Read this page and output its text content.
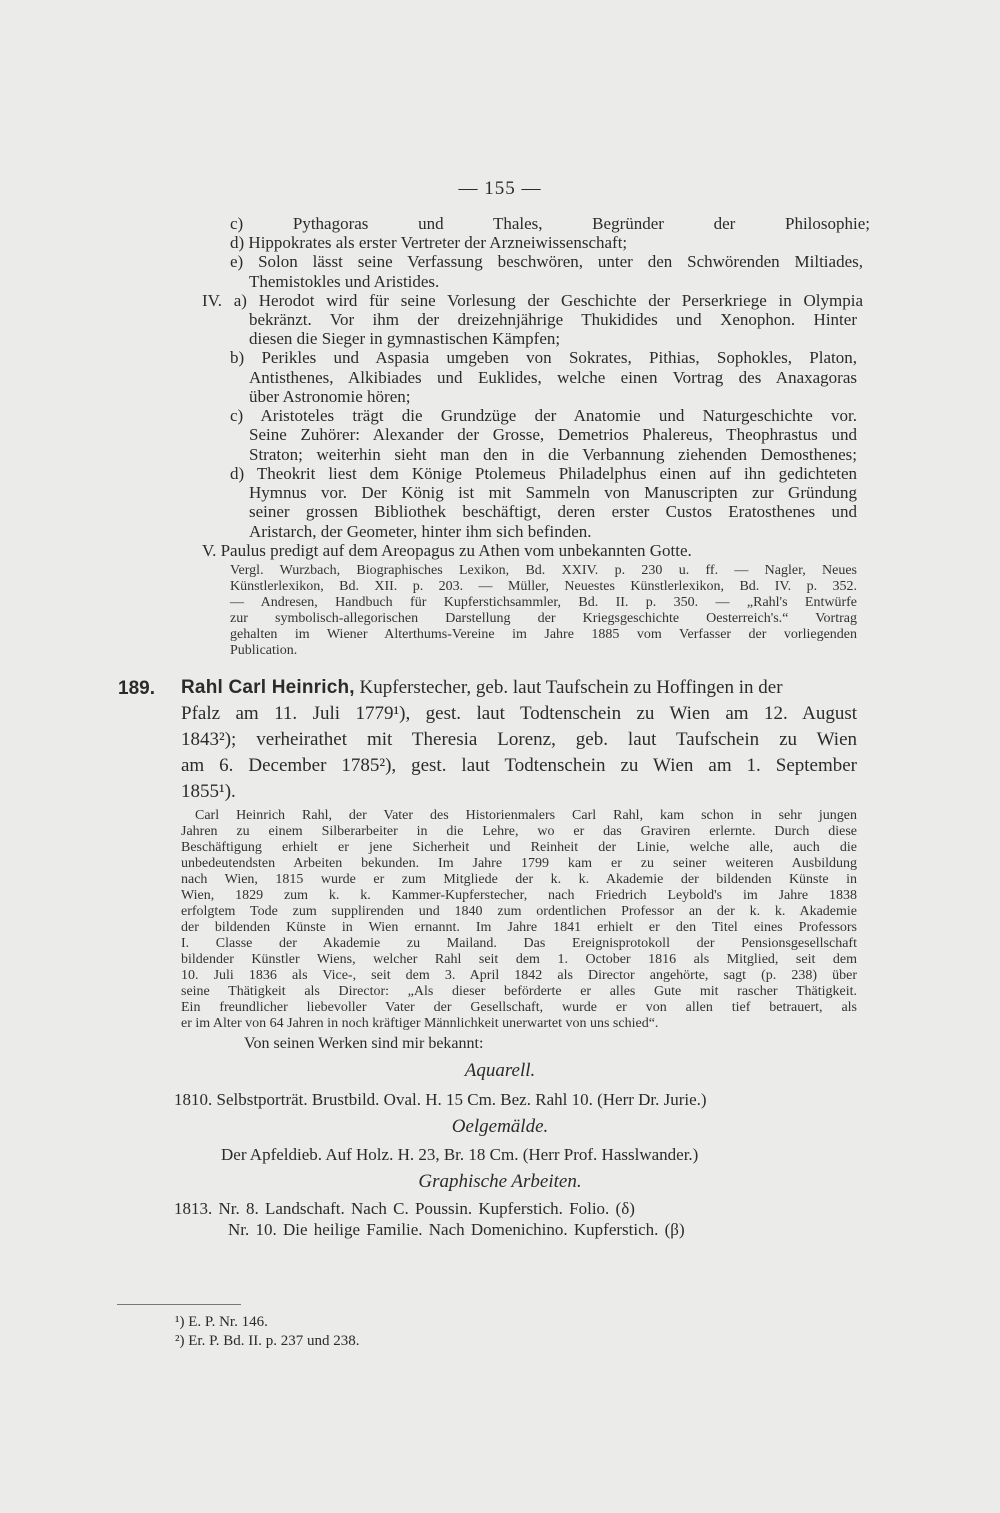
— 155 —
c) Pythagoras und Thales, Begründer der Philosophie;
d) Hippokrates als erster Vertreter der Arzneiwissenschaft;
e) Solon lässt seine Verfassung beschwören, unter den Schwörenden Miltiades,
Themistokles und Aristides.
IV. a) Herodot wird für seine Vorlesung der Geschichte der Perserkriege in Olympia
bekränzt. Vor ihm der dreizehnjährige Thukidides und Xenophon. Hinter
diesen die Sieger in gymnastischen Kämpfen;
b) Perikles und Aspasia umgeben von Sokrates, Pithias, Sophokles, Platon,
Antisthenes, Alkibiades und Euklides, welche einen Vortrag des Anaxagoras
über Astronomie hören;
c) Aristoteles trägt die Grundzüge der Anatomie und Naturgeschichte vor.
Seine Zuhörer: Alexander der Grosse, Demetrios Phalereus, Theophrastus und
Straton; weiterhin sieht man den in die Verbannung ziehenden Demosthenes;
d) Theokrit liest dem Könige Ptolemeus Philadelphus einen auf ihn gedichteten
Hymnus vor. Der König ist mit Sammeln von Manuscripten zur Gründung
seiner grossen Bibliothek beschäftigt, deren erster Custos Eratosthenes und
Aristarch, der Geometer, hinter ihm sich befinden.
V. Paulus predigt auf dem Areopagus zu Athen vom unbekannten Gotte.
Vergl. Wurzbach, Biographisches Lexikon, Bd. XXIV. p. 230 u. ff. — Nagler, Neues
Künstlerlexikon, Bd. XII. p. 203. — Müller, Neuestes Künstlerlexikon, Bd. IV. p. 352.
— Andresen, Handbuch für Kupferstichsammler, Bd. II. p. 350. — „Rahl's Entwürfe
zur symbolisch-allegorischen Darstellung der Kriegsgeschichte Oesterreich's.“ Vortrag
gehalten im Wiener Alterthums-Vereine im Jahre 1885 vom Verfasser der vorliegenden
Publication.
189. Rahl Carl Heinrich, Kupferstecher, geb. laut Taufschein zu Hoffingen in der
Pfalz am 11. Juli 1779¹), gest. laut Todtenschein zu Wien am 12. August
1843²); verheirathet mit Theresia Lorenz, geb. laut Taufschein zu Wien
am 6. December 1785²), gest. laut Todtenschein zu Wien am 1. September
1855¹).
Carl Heinrich Rahl, der Vater des Historienmalers Carl Rahl, kam schon in sehr jungen
Jahren zu einem Silberarbeiter in die Lehre, wo er das Graviren erlernte. Durch diese
Beschäftigung erhielt er jene Sicherheit und Reinheit der Linie, welche alle, auch die
unbedeutendsten Arbeiten bekunden. Im Jahre 1799 kam er zu seiner weiteren Ausbildung
nach Wien, 1815 wurde er zum Mitgliede der k. k. Akademie der bildenden Künste in
Wien, 1829 zum k. k. Kammer-Kupferstecher, nach Friedrich Leybold's im Jahre 1838
erfolgtem Tode zum supplirenden und 1840 zum ordentlichen Professor an der k. k. Akademie
der bildenden Künste in Wien ernannt. Im Jahre 1841 erhielt er den Titel eines Professors
I. Classe der Akademie zu Mailand. Das Ereignisprotokoll der Pensionsgesellschaft
bildender Künstler Wiens, welcher Rahl seit dem 1. October 1816 als Mitglied, seit dem
10. Juli 1836 als Vice-, seit dem 3. April 1842 als Director angehörte, sagt (p. 238) über
seine Thätigkeit als Director: „Als dieser beförderte er alles Gute mit rascher Thätigkeit.
Ein freundlicher liebevoller Vater der Gesellschaft, wurde er von allen tief betrauert, als
er im Alter von 64 Jahren in noch kräftiger Männlichkeit unerwartet von uns schied“.
Von seinen Werken sind mir bekannt:
Aquarell.
1810. Selbstporträt. Brustbild. Oval. H. 15 Cm. Bez. Rahl 10. (Herr Dr. Jurie.)
Oelgemälde.
Der Apfeldieb. Auf Holz. H. 23, Br. 18 Cm. (Herr Prof. Hasslwander.)
Graphische Arbeiten.
1813. Nr. 8. Landschaft. Nach C. Poussin. Kupferstich. Folio. (δ)
Nr. 10. Die heilige Familie. Nach Domenichino. Kupferstich. (β)
¹) E. P. Nr. 146.
²) Er. P. Bd. II. p. 237 und 238.
